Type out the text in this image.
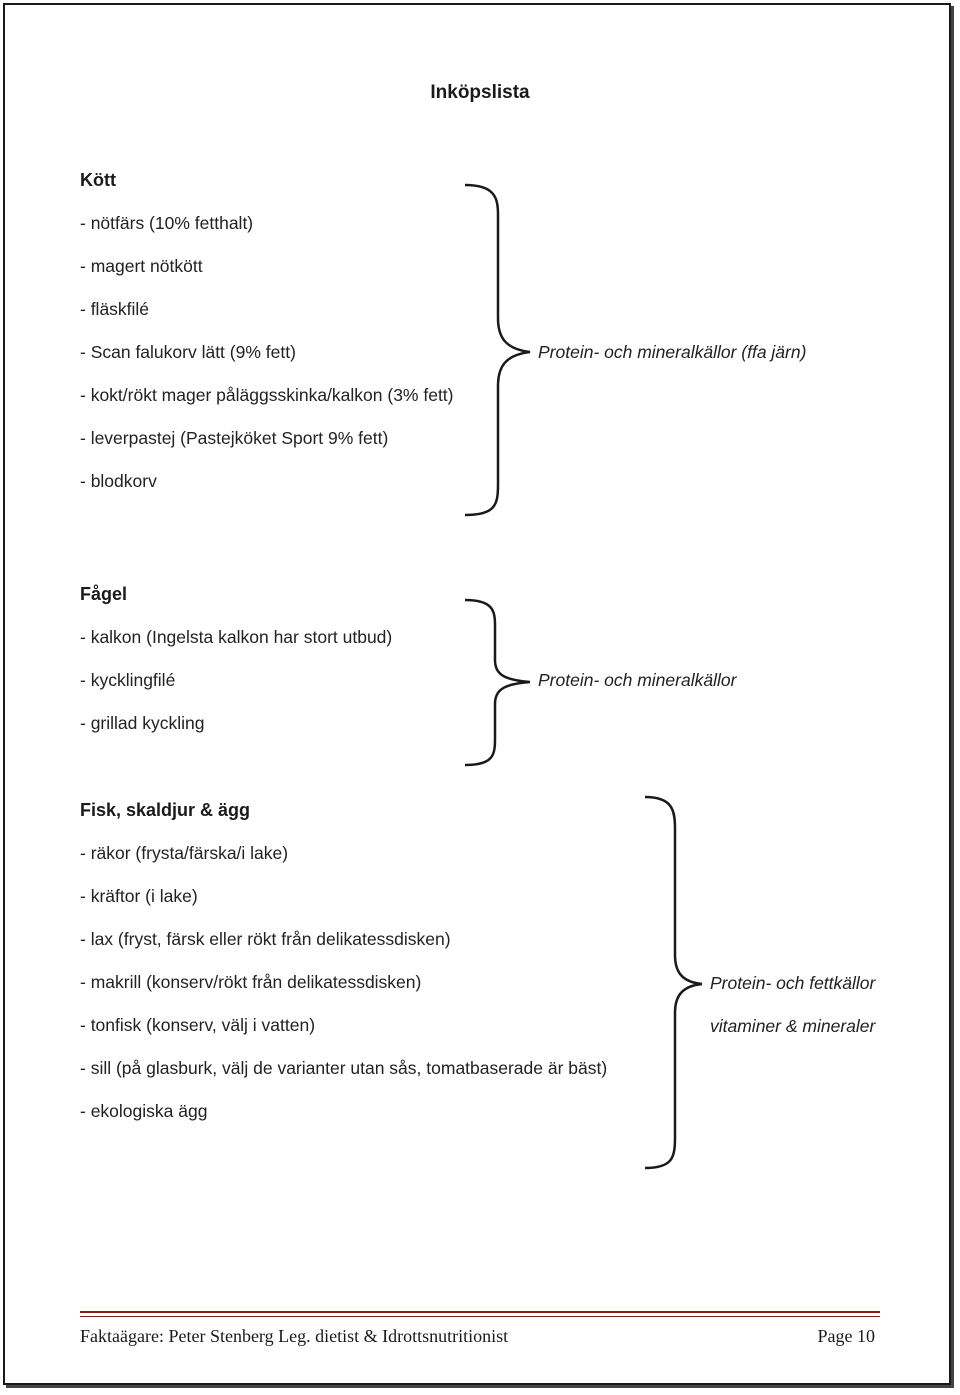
Inköpslista
Kött
- nötfärs (10% fetthalt)
- magert nötkött
- fläskfilé
- Scan falukorv lätt (9% fett)
- kokt/rökt mager påläggsskinka/kalkon (3% fett)
- leverpastej (Pastejköket Sport 9% fett)
- blodkorv
Protein- och mineralkällor (ffa järn)
Fågel
- kalkon (Ingelsta kalkon har stort utbud)
- kycklingfilé
- grillad kyckling
Protein- och mineralkällor
Fisk, skaldjur & ägg
- räkor (frysta/färska/i lake)
- kräftor (i lake)
- lax (fryst, färsk eller rökt från delikatessdisken)
- makrill (konserv/rökt från delikatessdisken)
- tonfisk (konserv, välj i vatten)
- sill (på glasburk, välj de varianter utan sås, tomatbaserade är bäst)
- ekologiska ägg
Protein- och fettkällor
vitaminer & mineraler
Faktaägare: Peter Stenberg Leg. dietist & Idrottsnutritionist	Page 10
